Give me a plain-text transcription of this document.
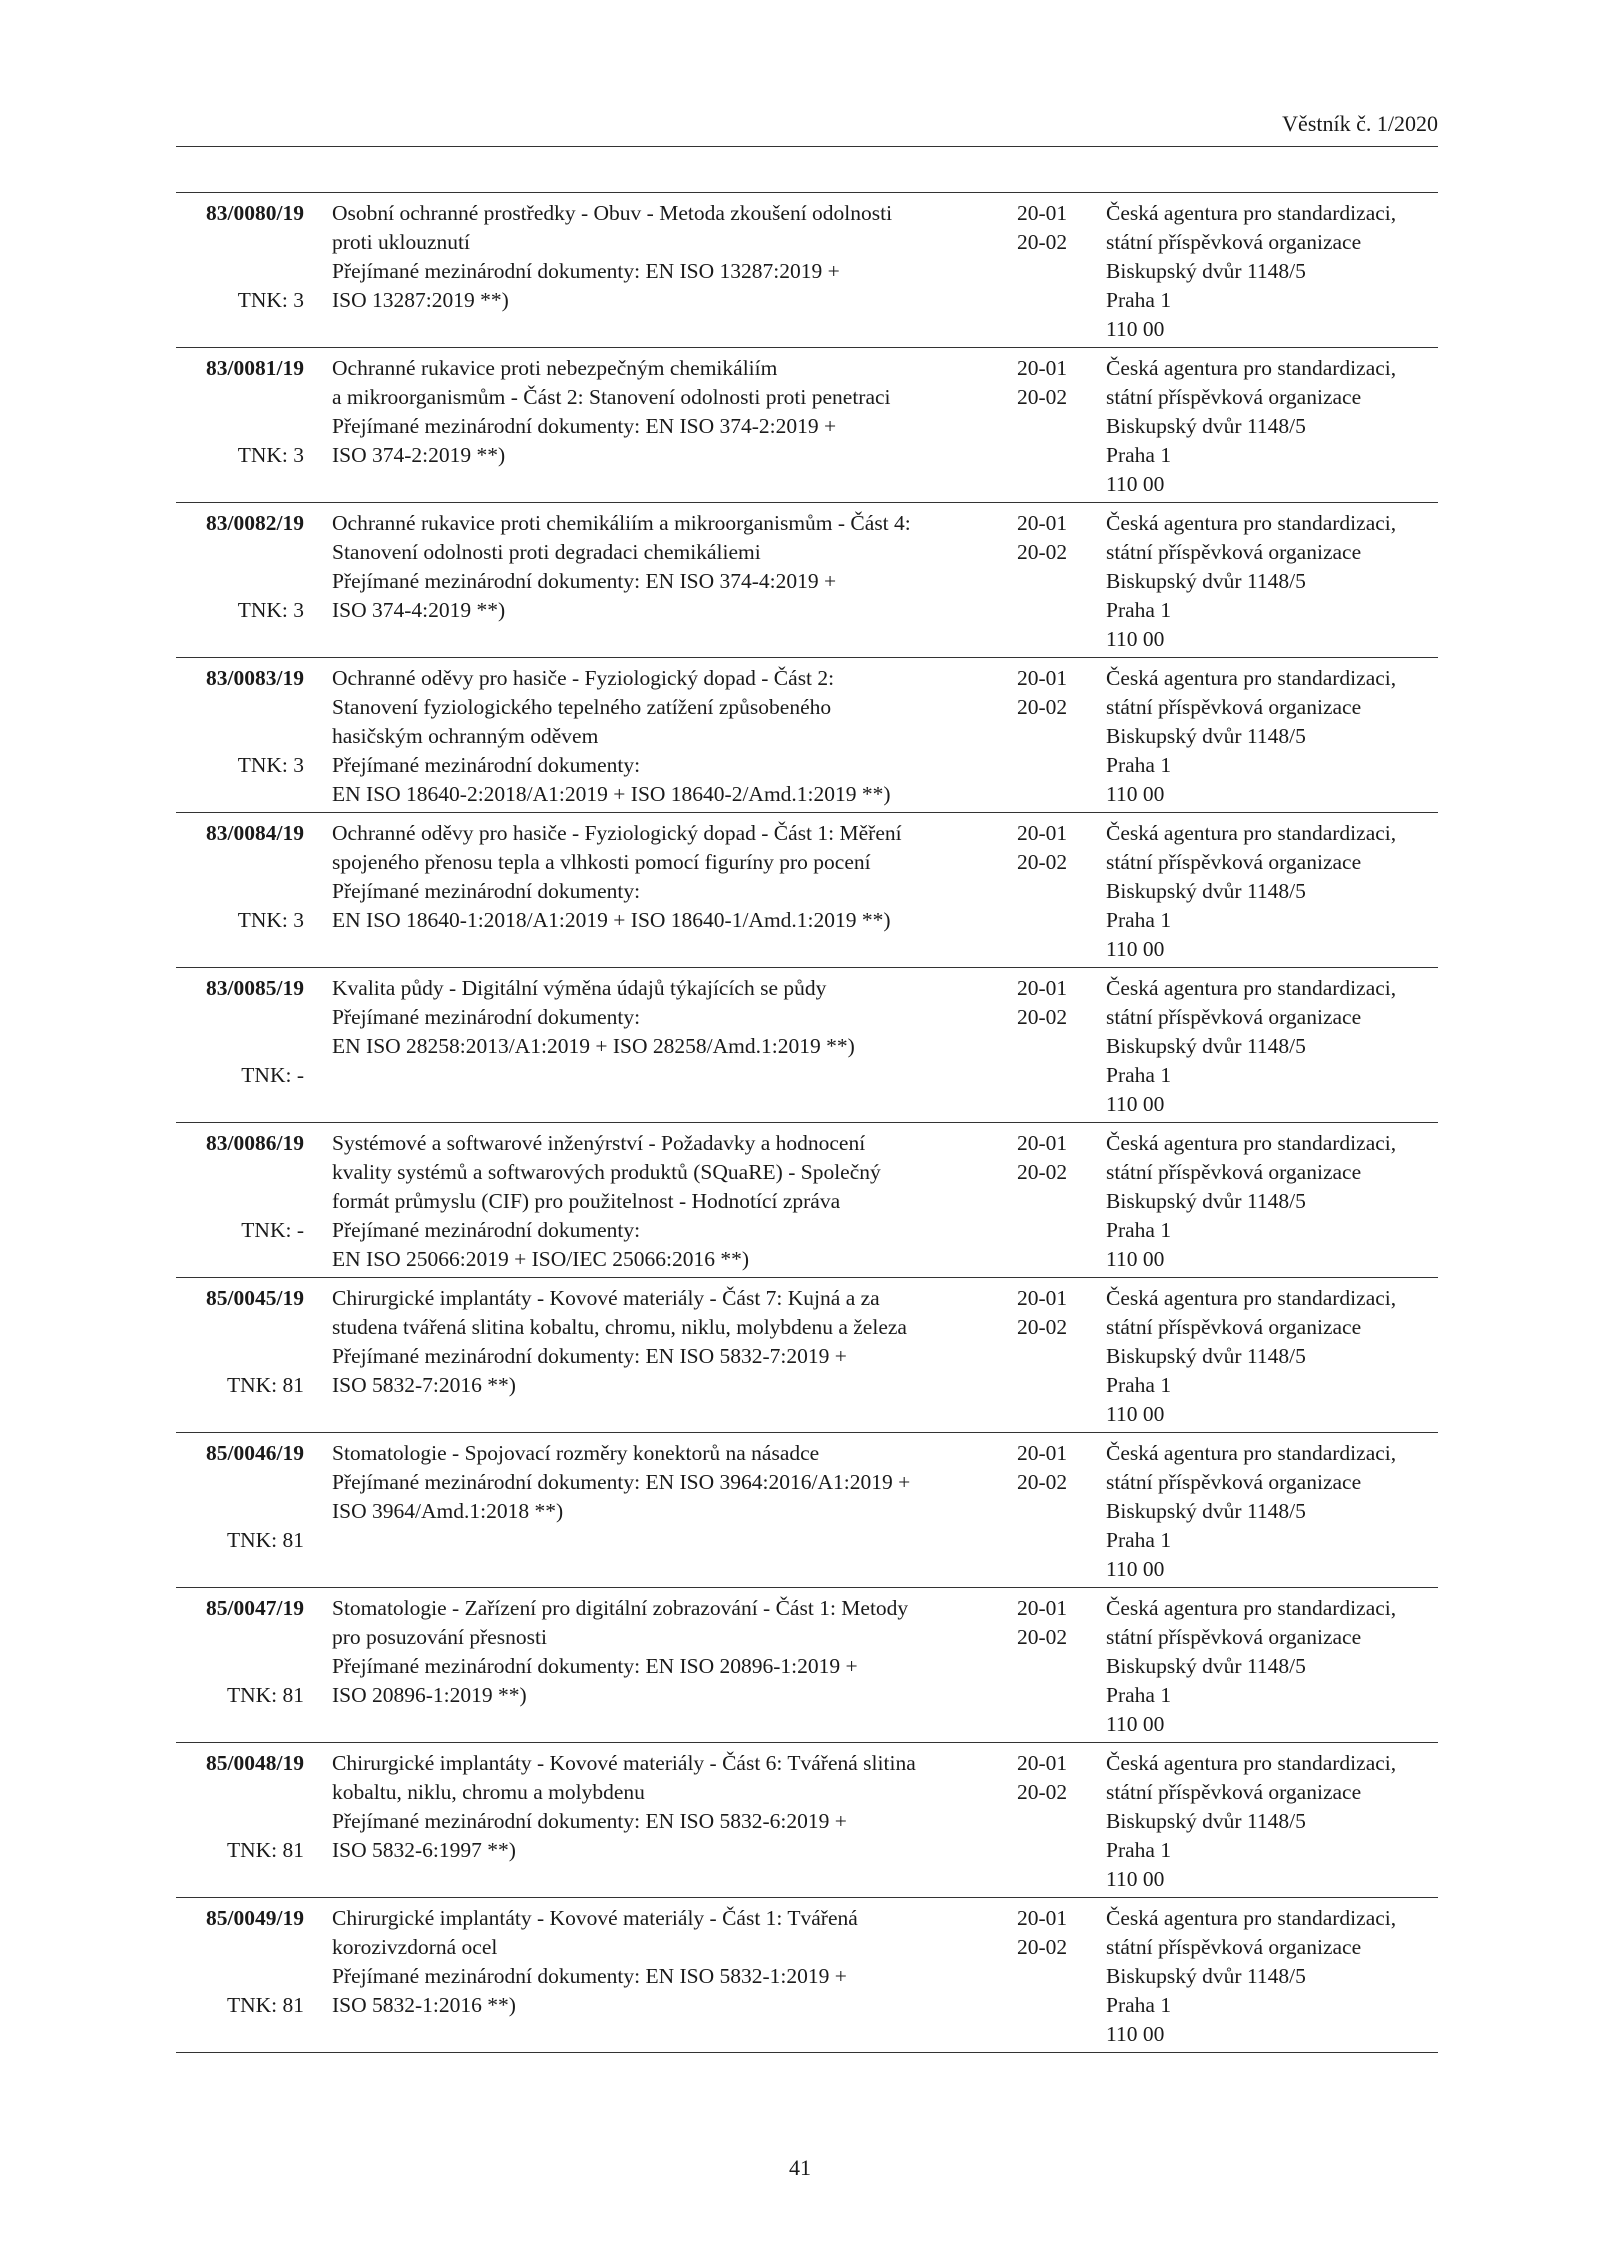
Věstník č. 1/2020
83/0080/19
TNK: 3
Osobní ochranné prostředky - Obuv - Metoda zkoušení odolnosti
proti uklouznutí
Přejímané mezinárodní dokumenty: EN ISO 13287:2019 +
ISO 13287:2019 **)
20-01
20-02
Česká agentura pro standardizaci,
státní příspěvková organizace
Biskupský dvůr 1148/5
Praha 1
110 00
83/0081/19
TNK: 3
Ochranné rukavice proti nebezpečným chemikáliím
a mikroorganismům - Část 2: Stanovení odolnosti proti penetraci
Přejímané mezinárodní dokumenty: EN ISO 374-2:2019 +
ISO 374-2:2019 **)
20-01
20-02
Česká agentura pro standardizaci,
státní příspěvková organizace
Biskupský dvůr 1148/5
Praha 1
110 00
83/0082/19
TNK: 3
Ochranné rukavice proti chemikáliím a mikroorganismům - Část 4:
Stanovení odolnosti proti degradaci chemikáliemi
Přejímané mezinárodní dokumenty: EN ISO 374-4:2019 +
ISO 374-4:2019 **)
20-01
20-02
Česká agentura pro standardizaci,
státní příspěvková organizace
Biskupský dvůr 1148/5
Praha 1
110 00
83/0083/19
TNK: 3
Ochranné oděvy pro hasiče - Fyziologický dopad - Část 2:
Stanovení fyziologického tepelného zatížení způsobeného
hasičským ochranným oděvem
Přejímané mezinárodní dokumenty:
EN ISO 18640-2:2018/A1:2019 + ISO 18640-2/Amd.1:2019 **)
20-01
20-02
Česká agentura pro standardizaci,
státní příspěvková organizace
Biskupský dvůr 1148/5
Praha 1
110 00
83/0084/19
TNK: 3
Ochranné oděvy pro hasiče - Fyziologický dopad - Část 1: Měření
spojeného přenosu tepla a vlhkosti pomocí figuríny pro pocení
Přejímané mezinárodní dokumenty:
EN ISO 18640-1:2018/A1:2019 + ISO 18640-1/Amd.1:2019 **)
20-01
20-02
Česká agentura pro standardizaci,
státní příspěvková organizace
Biskupský dvůr 1148/5
Praha 1
110 00
83/0085/19
TNK: -
Kvalita půdy - Digitální výměna údajů týkajících se půdy
Přejímané mezinárodní dokumenty:
EN ISO 28258:2013/A1:2019 + ISO 28258/Amd.1:2019 **)
20-01
20-02
Česká agentura pro standardizaci,
státní příspěvková organizace
Biskupský dvůr 1148/5
Praha 1
110 00
83/0086/19
TNK: -
Systémové a softwarové inženýrství - Požadavky a hodnocení
kvality systémů a softwarových produktů (SQuaRE) - Společný
formát průmyslu (CIF) pro použitelnost - Hodnotící zpráva
Přejímané mezinárodní dokumenty:
EN ISO 25066:2019 + ISO/IEC 25066:2016 **)
20-01
20-02
Česká agentura pro standardizaci,
státní příspěvková organizace
Biskupský dvůr 1148/5
Praha 1
110 00
85/0045/19
TNK: 81
Chirurgické implantáty - Kovové materiály - Část 7: Kujná a za
studena tvářená slitina kobaltu, chromu, niklu, molybdenu a železa
Přejímané mezinárodní dokumenty: EN ISO 5832-7:2019 +
ISO 5832-7:2016 **)
20-01
20-02
Česká agentura pro standardizaci,
státní příspěvková organizace
Biskupský dvůr 1148/5
Praha 1
110 00
85/0046/19
TNK: 81
Stomatologie - Spojovací rozměry konektorů na násadce
Přejímané mezinárodní dokumenty: EN ISO 3964:2016/A1:2019 +
ISO 3964/Amd.1:2018 **)
20-01
20-02
Česká agentura pro standardizaci,
státní příspěvková organizace
Biskupský dvůr 1148/5
Praha 1
110 00
85/0047/19
TNK: 81
Stomatologie - Zařízení pro digitální zobrazování - Část 1: Metody
pro posuzování přesnosti
Přejímané mezinárodní dokumenty: EN ISO 20896-1:2019 +
ISO 20896-1:2019 **)
20-01
20-02
Česká agentura pro standardizaci,
státní příspěvková organizace
Biskupský dvůr 1148/5
Praha 1
110 00
85/0048/19
TNK: 81
Chirurgické implantáty - Kovové materiály - Část 6: Tvářená slitina
kobaltu, niklu, chromu a molybdenu
Přejímané mezinárodní dokumenty: EN ISO 5832-6:2019 +
ISO 5832-6:1997 **)
20-01
20-02
Česká agentura pro standardizaci,
státní příspěvková organizace
Biskupský dvůr 1148/5
Praha 1
110 00
85/0049/19
TNK: 81
Chirurgické implantáty - Kovové materiály - Část 1: Tvářená
korozivzdorná ocel
Přejímané mezinárodní dokumenty: EN ISO 5832-1:2019 +
ISO 5832-1:2016 **)
20-01
20-02
Česká agentura pro standardizaci,
státní příspěvková organizace
Biskupský dvůr 1148/5
Praha 1
110 00
41
